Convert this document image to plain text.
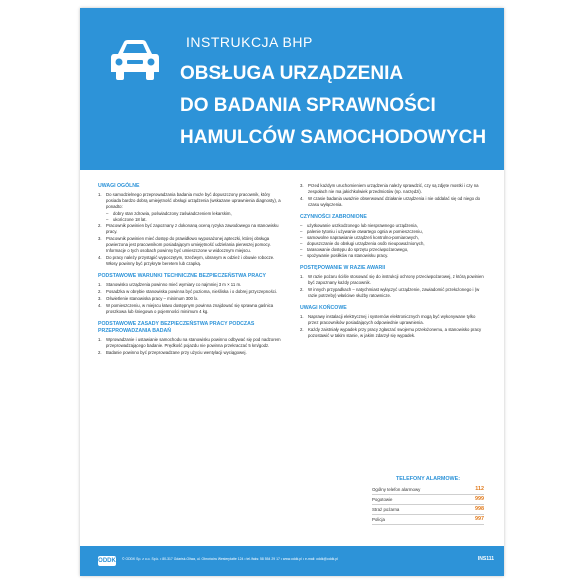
INSTRUKCJA BHP
OBSŁUGA URZĄDZENIA
DO BADANIA SPRAWNOŚCI
HAMULCÓW SAMOCHODOWYCH
UWAGI OGÓLNE
1. Do samodzielnego przeprowadzania badania może być dopuszczony pracownik, który posiada bardzo dobrą umiejętność obsługi urządzenia (wskazane uprawnienia diagnosty), a ponadto:
– dobry stan zdrowia, poświadczony zaświadczeniem lekarskim,
– ukończone 18 lat.
2. Pracownik powinien być zapoznany z dokonaną oceną ryzyka zawodowego na stanowisku pracy.
3. Pracownik powinien mieć dostęp do prawidłowo wyposażonej apteczki, której obsługa powierzona jest pracownikom posiadającym umiejętność udzielania pierwszej pomocy. Informacje o tych osobach powinny być umieszczone w widocznym miejscu.
4. Do pracy należy przystąpić wypoczętym, trzeźwym, ubranym w odzież i obuwie robocze. Włosy powinny być przykryte beretem lub czapką.
PODSTAWOWE WARUNKI TECHNICZNE BEZPIECZEŃSTWA PRACY
1. Stanowisko urządzenia powinno mieć wymiary co najmniej 3 m × 11 m.
2. Posadzka w obrębie stanowiska powinna być pozioma, nieśliska i o dobrej przyczepności.
3. Oświetlenie stanowiska pracy – minimum 300 lx.
4. W pomieszczeniu, w miejscu łatwo dostępnym powinna znajdować się sprawna gaśnica proszkowa lub śniegowa o pojemności minimum 4 kg.
PODSTAWOWE ZASADY BEZPIECZEŃSTWA PRACY PODCZAS PRZEPROWADZANIA BADAŃ
1. Wprowadzanie i ustawianie samochodu na stanowisku powinno odbywać się pod nadzorem przeprowadzającego badanie. Prędkość pojazdu nie powinna przekraczać 5 km/godz.
2. Badanie powinno być przeprowadzane przy użyciu wentylacji wyciągowej.
3. Przed każdym uruchomieniem urządzenia należy sprawdzić, czy są zdjęte mostki i czy na zespołach nie ma jakichkolwiek przedmiotów (np. narzędzi).
4. W czasie badania uważnie obserwować działanie urządzenia i nie oddalać się od niego do czasu wyłączenia.
CZYNNOŚCI ZABRONIONE
– użytkowanie uszkodzonego lub niesprawnego urządzenia,
– palenie tytoniu i używanie otwartego ognia w pomieszczeniu,
– samowolne naprawianie urządzeń kontrolno-pomiarowych,
– dopuszczanie do obsługi urządzenia osób nieupoważnionych,
– tarasowanie dostępu do sprzętu przeciwpożarowego,
– spożywanie posiłków na stanowisku pracy.
POSTĘPOWANIE W RAZIE AWARII
1. W razie pożaru ściśle stosować się do instrukcji ochrony przeciwpożarowej, z którą powinien być zapoznany każdy pracownik.
2. W innych przypadkach – natychmiast wyłączyć urządzenie, zawiadomić przełożonego i (w razie potrzeby) właściwe służby ratownicze.
UWAGI KOŃCOWE
1. Naprawy instalacji elektrycznej i systemów elektronicznych mogą być wykonywane tylko przez pracowników posiadających odpowiednie uprawnienia.
2. Każdy zaistniały wypadek przy pracy zgłaszać swojemu przełożonemu, a stanowisko pracy pozostawić w takim stanie, w jakim zdarzył się wypadek.
TELEFONY ALARMOWE:
Ogólny telefon alarmowy	112
Pogotowie	999
Straż pożarna	998
Policja	997
ODDK © ODDK Sp. z o.o. Sp.k. • 80-317 Gdańsk-Oliwa, ul. Obrońców Westerplatte 124 • tel./faks: 58 554 29 17 • www.oddk.pl • e-mail: oddk@oddk.pl	INS111
